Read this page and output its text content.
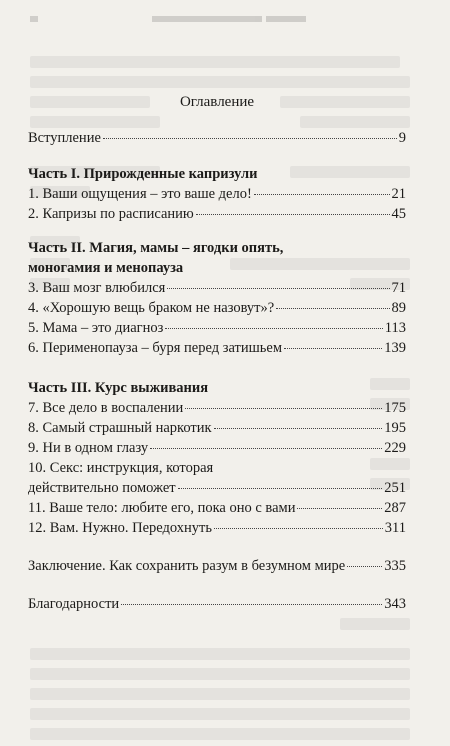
Оглавление
Вступление	9
Часть I. Прирожденные капризули
1. Ваши ощущения – это ваше дело!	21
2. Капризы по расписанию	45
Часть II. Магия, мамы – ягодки опять,
моногамия и менопауза
3. Ваш мозг влюбился	71
4. «Хорошую вещь браком не назовут»?	89
5. Мама – это диагноз	113
6. Перименопауза – буря перед затишьем	139
Часть III. Курс выживания
7. Все дело в воспалении	175
8. Самый страшный наркотик	195
9. Ни в одном глазу	229
10. Секс: инструкция, которая
действительно поможет	251
11. Ваше тело: любите его, пока оно с вами	287
12. Вам. Нужно. Передохнуть	311
Заключение. Как сохранить разум в безумном мире	335
Благодарности	343
